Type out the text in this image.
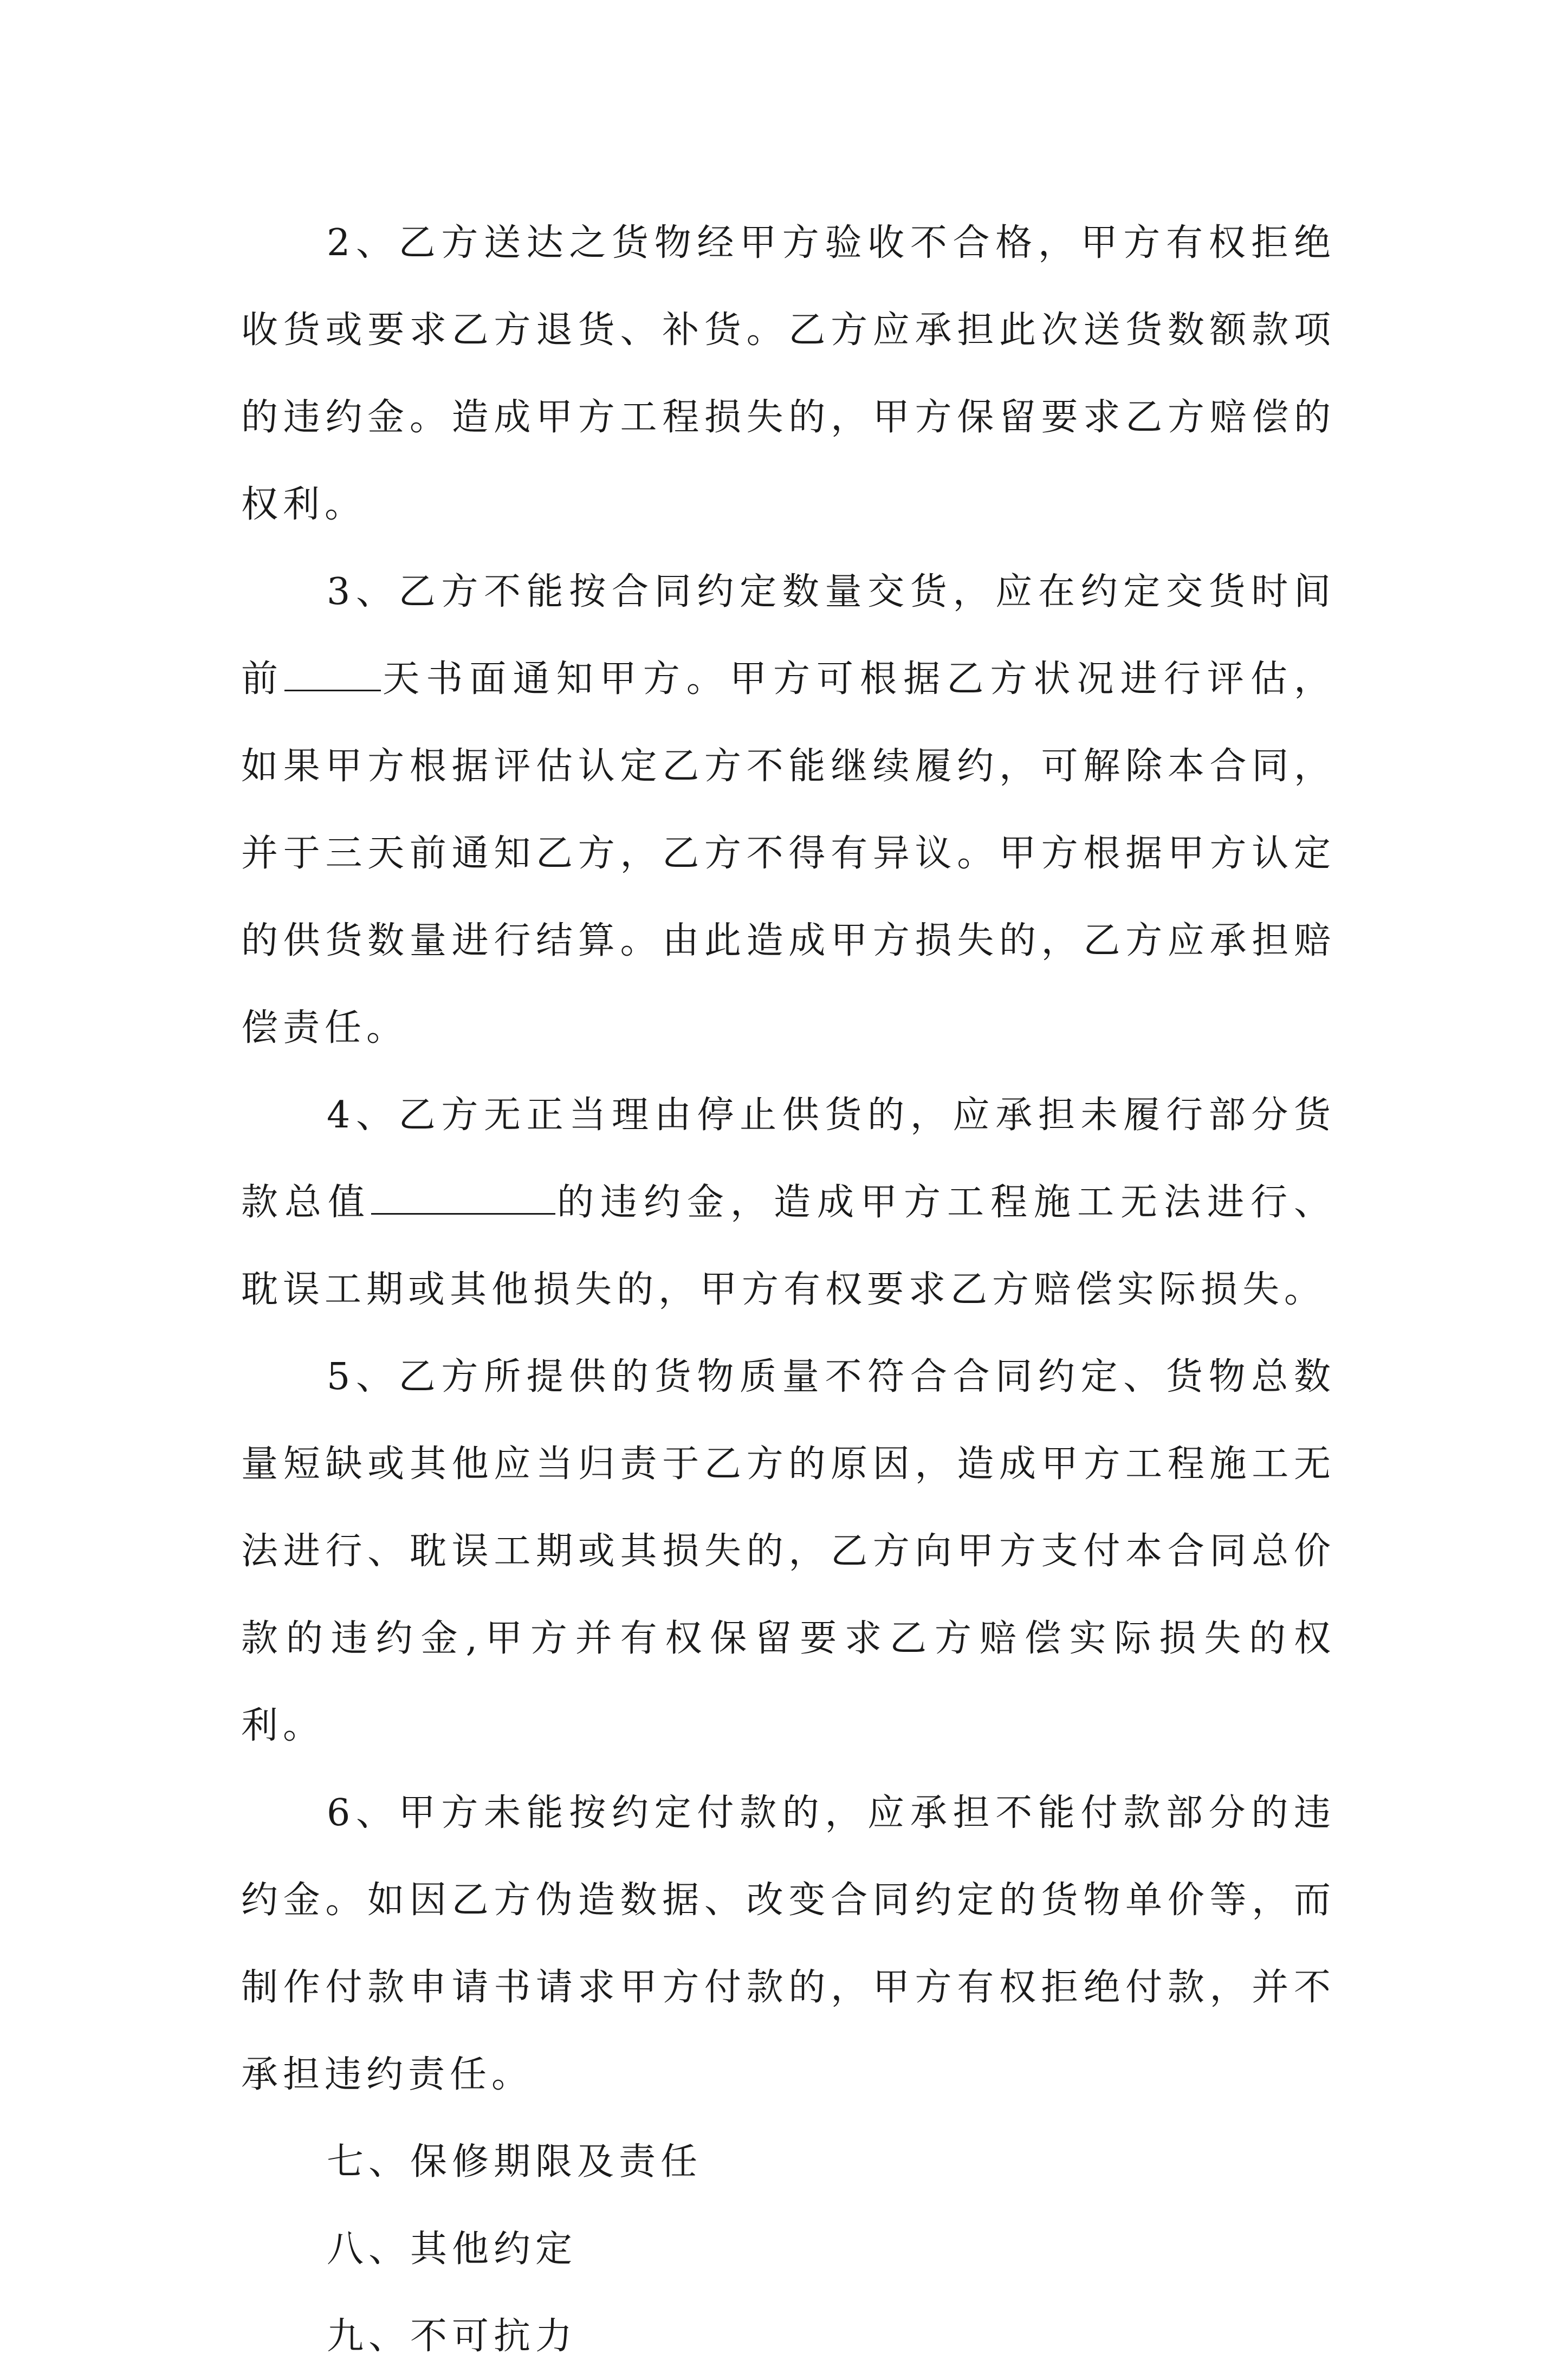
2、乙方送达之货物经甲方验收不合格，甲方有权拒绝收货或要求乙方退货、补货。乙方应承担此次送货数额款项的违约金。造成甲方工程损失的，甲方保留要求乙方赔偿的权利。

3、乙方不能按合同约定数量交货，应在约定交货时间前	天书面通知甲方。甲方可根据乙方状况进行评估，如果甲方根据评估认定乙方不能继续履约，可解除本合同，并于三天前通知乙方，乙方不得有异议。甲方根据甲方认定的供货数量进行结算。由此造成甲方损失的，乙方应承担赔偿责任。

4、乙方无正当理由停止供货的，应承担未履行部分货款总值	的违约金，造成甲方工程施工无法进行、耽误工期或其他损失的，甲方有权要求乙方赔偿实际损失。

5、乙方所提供的货物质量不符合合同约定、货物总数量短缺或其他应当归责于乙方的原因，造成甲方工程施工无法进行、耽误工期或其损失的，乙方向甲方支付本合同总价款的违约金,甲方并有权保留要求乙方赔偿实际损失的权利。

6、甲方未能按约定付款的，应承担不能付款部分的违约金。如因乙方伪造数据、改变合同约定的货物单价等，而制作付款申请书请求甲方付款的，甲方有权拒绝付款，并不承担违约责任。

七、保修期限及责任

八、其他约定

九、不可抗力
